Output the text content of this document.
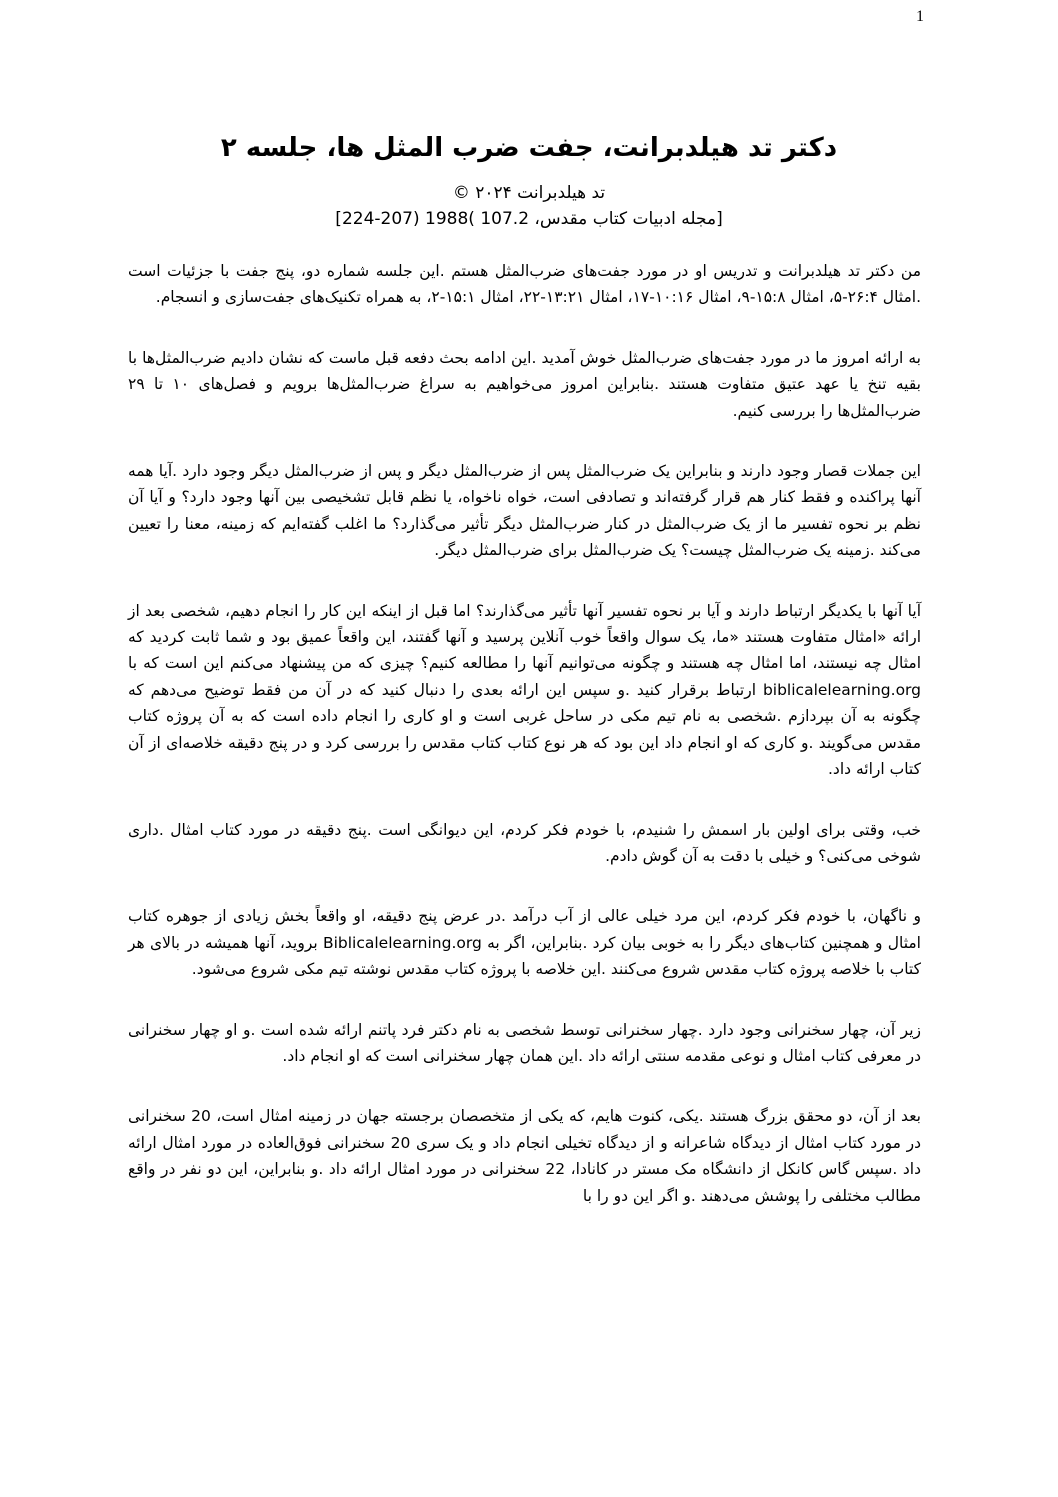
1
دکتر تد هیلدبرانت، جفت ضرب المثل ها، جلسه ۲

تد هیلدبرانت ۲۰۲۴ ©

[مجله ادبیات کتاب مقدس، 107.2 )1988 (207-224]

من دکتر تد هیلدبرانت و تدریس او در مورد جفت‌های ضرب‌المثل هستم .این جلسه شماره دو، پنج جفت با جزئیات است .امثال ۲۶:۴-۵، امثال ۱۵:۸-۹، امثال ۱۰:۱۶-۱۷، امثال ۱۳:۲۱-۲۲، امثال ۱۵:۱-۲، به همراه تکنیک‌های جفت‌سازی و انسجام.

به ارائه امروز ما در مورد جفت‌های ضرب‌المثل خوش آمدید .این ادامه بحث دفعه قبل ماست که نشان دادیم ضرب‌المثل‌ها با بقیه تنخ یا عهد عتیق متفاوت هستند .بنابراین امروز می‌خواهیم به سراغ ضرب‌المثل‌ها برویم و فصل‌های ۱۰ تا ۲۹ ضرب‌المثل‌ها را بررسی کنیم.

این جملات قصار وجود دارند و بنابراین یک ضرب‌المثل پس از ضرب‌المثل دیگر و پس از ضرب‌المثل دیگر وجود دارد .آیا همه آنها پراکنده و فقط کنار هم قرار گرفته‌اند و تصادفی است، خواه ناخواه، یا نظم قابل تشخیصی بین آنها وجود دارد؟ و آیا آن نظم بر نحوه تفسیر ما از یک ضرب‌المثل در کنار ضرب‌المثل دیگر تأثیر می‌گذارد؟ ما اغلب گفته‌ایم که زمینه، معنا را تعیین می‌کند .زمینه یک ضرب‌المثل چیست؟ یک ضرب‌المثل برای ضرب‌المثل دیگر.

آیا آنها با یکدیگر ارتباط دارند و آیا بر نحوه تفسیر آنها تأثیر می‌گذارند؟ اما قبل از اینکه این کار را انجام دهیم، شخصی بعد از ارائه «امثال متفاوت هستند «ما، یک سوال واقعاً خوب آنلاین پرسید و آنها گفتند، این واقعاً عمیق بود و شما ثابت کردید که امثال چه نیستند، اما امثال چه هستند و چگونه می‌توانیم آنها را مطالعه کنیم؟ چیزی که من پیشنهاد می‌کنم این است که با biblicalelearning.org ارتباط برقرار کنید .و سپس این ارائه بعدی را دنبال کنید که در آن من فقط توضیح می‌دهم که چگونه به آن بپردازم .شخصی به نام تیم مکی در ساحل غربی است و او کاری را انجام داده است که به آن پروژه کتاب مقدس می‌گویند .و کاری که او انجام داد این بود که هر نوع کتاب کتاب مقدس را بررسی کرد و در پنج دقیقه خلاصه‌ای از آن کتاب ارائه داد.

خب، وقتی برای اولین بار اسمش را شنیدم، با خودم فکر کردم، این دیوانگی است .پنج دقیقه در مورد کتاب امثال .داری شوخی می‌کنی؟ و خیلی با دقت به آن گوش دادم.

و ناگهان، با خودم فکر کردم، این مرد خیلی عالی از آب درآمد .در عرض پنج دقیقه، او واقعاً بخش زیادی از جوهره کتاب امثال و همچنین کتاب‌های دیگر را به خوبی بیان کرد .بنابراین، اگر به Biblicalelearning.org بروید، آنها همیشه در بالای هر کتاب با خلاصه پروژه کتاب مقدس شروع می‌کنند .این خلاصه با پروژه کتاب مقدس نوشته تیم مکی شروع می‌شود.

زیر آن، چهار سخنرانی وجود دارد .چهار سخنرانی توسط شخصی به نام دکتر فرد پاتنم ارائه شده است .و او چهار سخنرانی در معرفی کتاب امثال و نوعی مقدمه سنتی ارائه داد .این همان چهار سخنرانی است که او انجام داد.

بعد از آن، دو محقق بزرگ هستند .یکی، کنوت هایم، که یکی از متخصصان برجسته جهان در زمینه امثال است، 20 سخنرانی در مورد کتاب امثال از دیدگاه شاعرانه و از دیدگاه تخیلی انجام داد و یک سری 20 سخنرانی فوق‌العاده در مورد امثال ارائه داد .سپس گاس کانکل از دانشگاه مک مستر در کانادا، 22 سخنرانی در مورد امثال ارائه داد .و بنابراین، این دو نفر در واقع مطالب مختلفی را پوشش می‌دهند .و اگر این دو را با
